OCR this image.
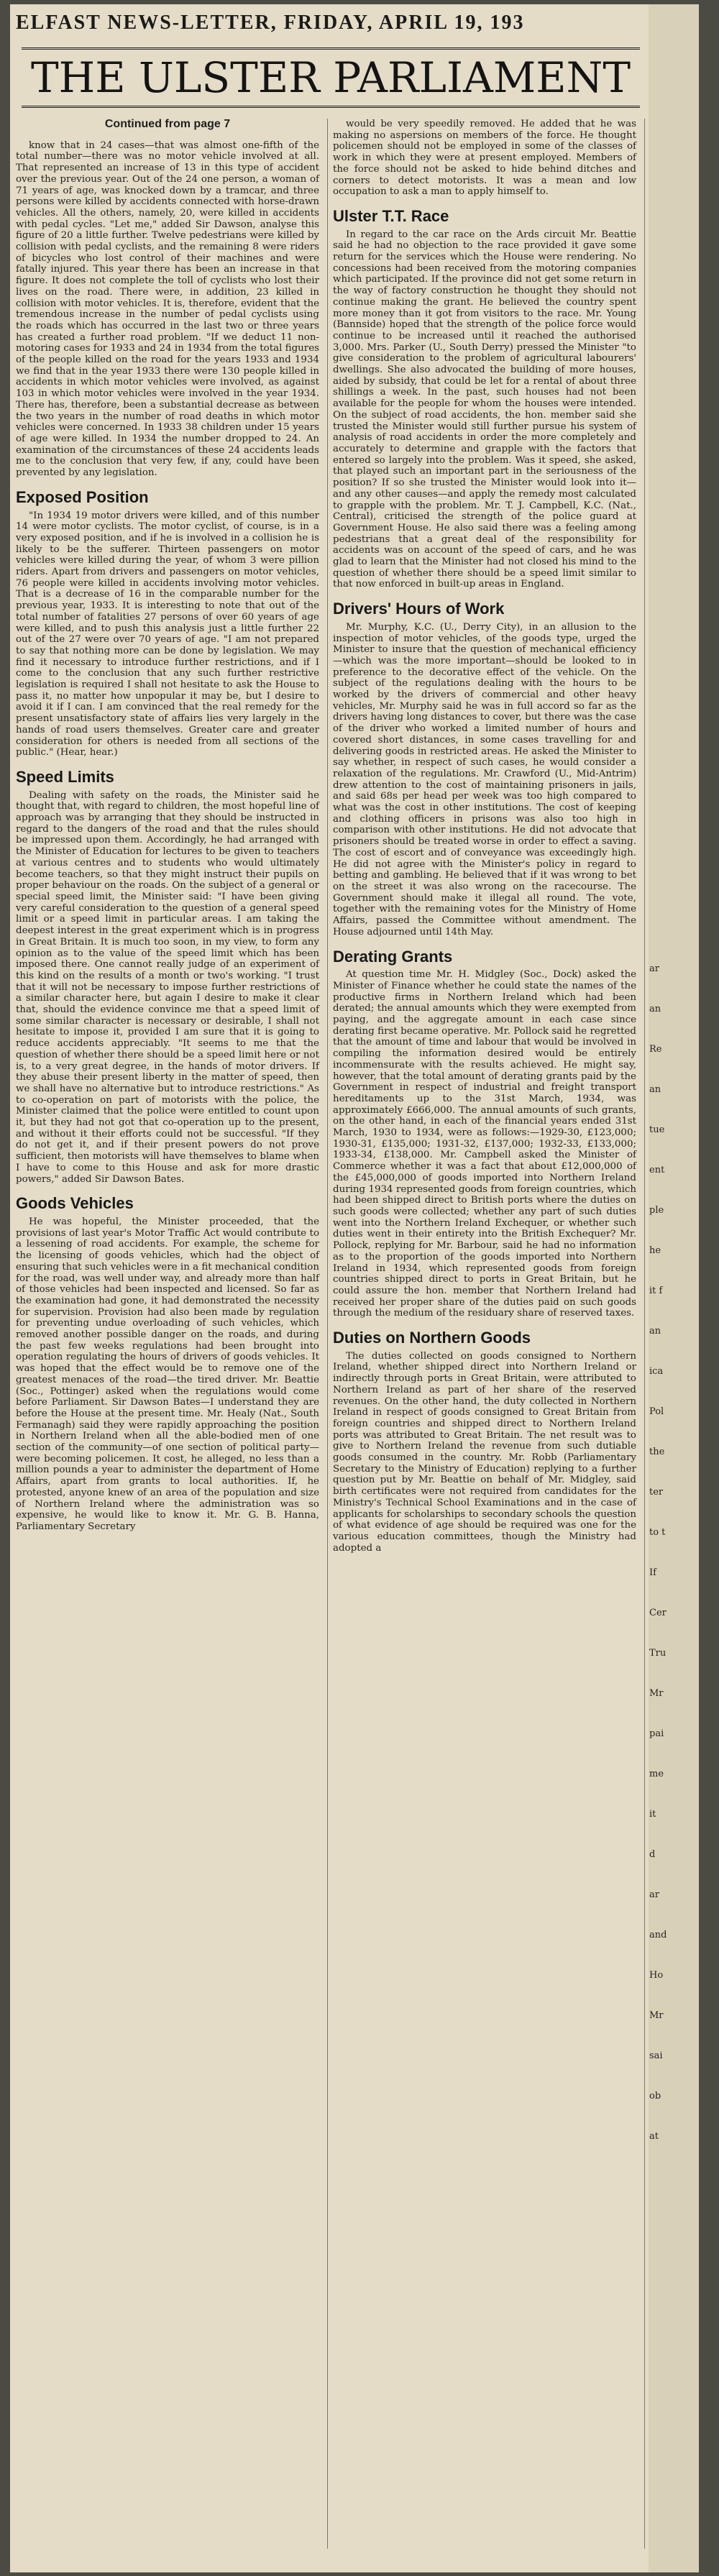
ELFAST NEWS-LETTER, FRIDAY, APRIL 19, 193
THE ULSTER PARLIAMENT
Continued from page 7

know that in 24 cases—that was almost one-fifth of the total number—there was no motor vehicle involved at all. That represented an increase of 13 in this type of accident over the previous year. Out of the 24 one person, a woman of 71 years of age, was knocked down by a tramcar, and three persons were killed by accidents connected with horse-drawn vehicles. All the others, namely, 20, were killed in accidents with pedal cycles. "Let me," added Sir Dawson, analyse this figure of 20 a little further. Twelve pedestrians were killed by collision with pedal cyclists, and the remaining 8 were riders of bicycles who lost control of their machines and were fatally injured. This year there has been an increase in that figure. It does not complete the toll of cyclists who lost their lives on the road. There were, in addition, 23 killed in collision with motor vehicles. It is, therefore, evident that the tremendous increase in the number of pedal cyclists using the roads which has occurred in the last two or three years has created a further road problem. "If we deduct 11 non-motoring cases for 1933 and 24 in 1934 from the total figures of the people killed on the road for the years 1933 and 1934 we find that in the year 1933 there were 130 people killed in accidents in which motor vehicles were involved, as against 103 in which motor vehicles were involved in the year 1934. There has, therefore, been a substantial decrease as between the two years in the number of road deaths in which motor vehicles were concerned. In 1933 38 children under 15 years of age were killed. In 1934 the number dropped to 24. An examination of the circumstances of these 24 accidents leads me to the conclusion that very few, if any, could have been prevented by any legislation.

Exposed Position

"In 1934 19 motor drivers were killed, and of this number 14 were motor cyclists. The motor cyclist, of course, is in a very exposed position, and if he is involved in a collision he is likely to be the sufferer. Thirteen passengers on motor vehicles were killed during the year, of whom 3 were pillion riders. Apart from drivers and passengers on motor vehicles, 76 people were killed in accidents involving motor vehicles. That is a decrease of 16 in the comparable number for the previous year, 1933. It is interesting to note that out of the total number of fatalities 27 persons of over 60 years of age were killed, and to push this analysis just a little further 22 out of the 27 were over 70 years of age. "I am not prepared to say that nothing more can be done by legislation. We may find it necessary to introduce further restrictions, and if I come to the conclusion that any such further restrictive legislation is required I shall not hesitate to ask the House to pass it, no matter how unpopular it may be, but I desire to avoid it if I can. I am convinced that the real remedy for the present unsatisfactory state of affairs lies very largely in the hands of road users themselves. Greater care and greater consideration for others is needed from all sections of the public." (Hear, hear.)

Speed Limits

Dealing with safety on the roads, the Minister said he thought that, with regard to children, the most hopeful line of approach was by arranging that they should be instructed in regard to the dangers of the road and that the rules should be impressed upon them. Accordingly, he had arranged with the Minister of Education for lectures to be given to teachers at various centres and to students who would ultimately become teachers, so that they might instruct their pupils on proper behaviour on the roads. On the subject of a general or special speed limit, the Minister said: "I have been giving very careful consideration to the question of a general speed limit or a speed limit in particular areas. I am taking the deepest interest in the great experiment which is in progress in Great Britain. It is much too soon, in my view, to form any opinion as to the value of the speed limit which has been imposed there. One cannot really judge of an experiment of this kind on the results of a month or two's working. "I trust that it will not be necessary to impose further restrictions of a similar character here, but again I desire to make it clear that, should the evidence convince me that a speed limit of some similar character is necessary or desirable, I shall not hesitate to impose it, provided I am sure that it is going to reduce accidents appreciably. "It seems to me that the question of whether there should be a speed limit here or not is, to a very great degree, in the hands of motor drivers. If they abuse their present liberty in the matter of speed, then we shall have no alternative but to introduce restrictions." As to co-operation on part of motorists with the police, the Minister claimed that the police were entitled to count upon it, but they had not got that co-operation up to the present, and without it their efforts could not be successful. "If they do not get it, and if their present powers do not prove sufficient, then motorists will have themselves to blame when I have to come to this House and ask for more drastic powers," added Sir Dawson Bates.

Goods Vehicles

He was hopeful, the Minister proceeded, that the provisions of last year's Motor Traffic Act would contribute to a lessening of road accidents. For example, the scheme for the licensing of goods vehicles, which had the object of ensuring that such vehicles were in a fit mechanical condition for the road, was well under way, and already more than half of those vehicles had been inspected and licensed. So far as the examination had gone, it had demonstrated the necessity for supervision. Provision had also been made by regulation for preventing undue overloading of such vehicles, which removed another possible danger on the roads, and during the past few weeks regulations had been brought into operation regulating the hours of drivers of goods vehicles. It was hoped that the effect would be to remove one of the greatest menaces of the road—the tired driver. Mr. Beattie (Soc., Pottinger) asked when the regulations would come before Parliament. Sir Dawson Bates—I understand they are before the House at the present time. Mr. Healy (Nat., South Fermanagh) said they were rapidly approaching the position in Northern Ireland when all the able-bodied men of one section of the community—of one section of political party—were becoming policemen. It cost, he alleged, no less than a million pounds a year to administer the department of Home Affairs, apart from grants to local authorities. If, he protested, anyone knew of an area of the population and size of Northern Ireland where the administration was so expensive, he would like to know it. Mr. G. B. Hanna, Parliamentary Secretary

would be very speedily removed. He added that he was making no aspersions on members of the force. He thought policemen should not be employed in some of the classes of work in which they were at present employed. Members of the force should not be asked to hide behind ditches and corners to detect motorists. It was a mean and low occupation to ask a man to apply himself to.

Ulster T.T. Race

In regard to the car race on the Ards circuit Mr. Beattie said he had no objection to the race provided it gave some return for the services which the House were rendering. No concessions had been received from the motoring companies which participated. If the province did not get some return in the way of factory construction he thought they should not continue making the grant. He believed the country spent more money than it got from visitors to the race. Mr. Young (Bannside) hoped that the strength of the police force would continue to be increased until it reached the authorised 3,000. Mrs. Parker (U., South Derry) pressed the Minister "to give consideration to the problem of agricultural labourers' dwellings. She also advocated the building of more houses, aided by subsidy, that could be let for a rental of about three shillings a week. In the past, such houses had not been available for the people for whom the houses were intended. On the subject of road accidents, the hon. member said she trusted the Minister would still further pursue his system of analysis of road accidents in order the more completely and accurately to determine and grapple with the factors that entered so largely into the problem. Was it speed, she asked, that played such an important part in the seriousness of the position? If so she trusted the Minister would look into it—and any other causes—and apply the remedy most calculated to grapple with the problem. Mr. T. J. Campbell, K.C. (Nat., Central), criticised the strength of the police guard at Government House. He also said there was a feeling among pedestrians that a great deal of the responsibility for accidents was on account of the speed of cars, and he was glad to learn that the Minister had not closed his mind to the question of whether there should be a speed limit similar to that now enforced in built-up areas in England.

Drivers' Hours of Work

Mr. Murphy, K.C. (U., Derry City), in an allusion to the inspection of motor vehicles, of the goods type, urged the Minister to insure that the question of mechanical efficiency—which was the more important—should be looked to in preference to the decorative effect of the vehicle. On the subject of the regulations dealing with the hours to be worked by the drivers of commercial and other heavy vehicles, Mr. Murphy said he was in full accord so far as the drivers having long distances to cover, but there was the case of the driver who worked a limited number of hours and covered short distances, in some cases travelling for and delivering goods in restricted areas. He asked the Minister to say whether, in respect of such cases, he would consider a relaxation of the regulations. Mr. Crawford (U., Mid-Antrim) drew attention to the cost of maintaining prisoners in jails, and said 68s per head per week was too high compared to what was the cost in other institutions. The cost of keeping and clothing officers in prisons was also too high in comparison with other institutions. He did not advocate that prisoners should be treated worse in order to effect a saving. The cost of escort and of conveyance was exceedingly high. He did not agree with the Minister's policy in regard to betting and gambling. He believed that if it was wrong to bet on the street it was also wrong on the racecourse. The Government should make it illegal all round. The vote, together with the remaining votes for the Ministry of Home Affairs, passed the Committee without amendment. The House adjourned until 14th May.

Derating Grants

At question time Mr. H. Midgley (Soc., Dock) asked the Minister of Finance whether he could state the names of the productive firms in Northern Ireland which had been derated; the annual amounts which they were exempted from paying, and the aggregate amount in each case since derating first became operative. Mr. Pollock said he regretted that the amount of time and labour that would be involved in compiling the information desired would be entirely incommensurate with the results achieved. He might say, however, that the total amount of derating grants paid by the Government in respect of industrial and freight transport hereditaments up to the 31st March, 1934, was approximately £666,000. The annual amounts of such grants, on the other hand, in each of the financial years ended 31st March, 1930 to 1934, were as follows:—1929-30, £123,000; 1930-31, £135,000; 1931-32, £137,000; 1932-33, £133,000; 1933-34, £138,000. Mr. Campbell asked the Minister of Commerce whether it was a fact that about £12,000,000 of the £45,000,000 of goods imported into Northern Ireland during 1934 represented goods from foreign countries, which had been shipped direct to British ports where the duties on such goods were collected; whether any part of such duties went into the Northern Ireland Exchequer, or whether such duties went in their entirety into the British Exchequer? Mr. Pollock, replying for Mr. Barbour, said he had no information as to the proportion of the goods imported into Northern Ireland in 1934, which represented goods from foreign countries shipped direct to ports in Great Britain, but he could assure the hon. member that Northern Ireland had received her proper share of the duties paid on such goods through the medium of the residuary share of reserved taxes.

Duties on Northern Goods

The duties collected on goods consigned to Northern Ireland, whether shipped direct into Northern Ireland or indirectly through ports in Great Britain, were attributed to Northern Ireland as part of her share of the reserved revenues. On the other hand, the duty collected in Northern Ireland in respect of goods consigned to Great Britain from foreign countries and shipped direct to Northern Ireland ports was attributed to Great Britain. The net result was to give to Northern Ireland the revenue from such dutiable goods consumed in the country. Mr. Robb (Parliamentary Secretary to the Ministry of Education) replying to a further question put by Mr. Beattie on behalf of Mr. Midgley, said birth certificates were not required from candidates for the Ministry's Technical School Examinations and in the case of applicants for scholarships to secondary schools the question of what evidence of age should be required was one for the various education committees, though the Ministry had adopted a

ar
an
Re
an
tue
ent
ple
he
it f
an
ica
Pol
the
ter
to t
If
Cer
Tru
Mr
pai
me
it
d
ar
and
Ho
Mr
sai
ob
at
